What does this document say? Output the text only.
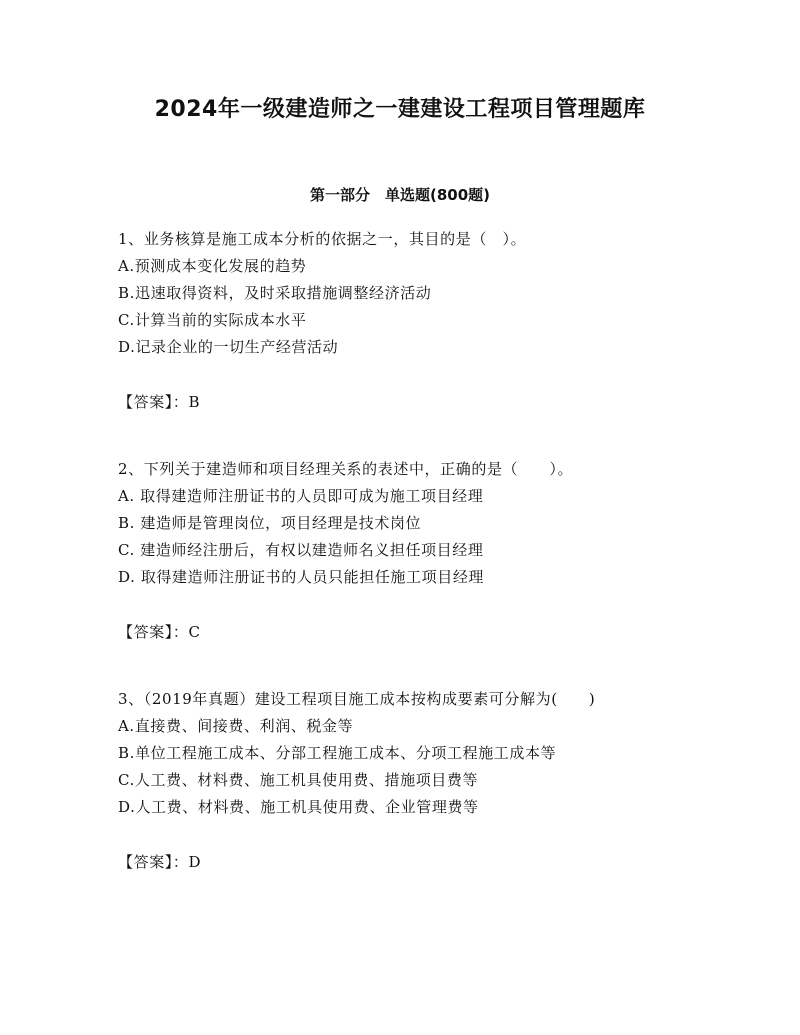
2024年一级建造师之一建建设工程项目管理题库
第一部分　单选题(800题)
1、业务核算是施工成本分析的依据之一，其目的是（　）。
A.预测成本变化发展的趋势
B.迅速取得资料，及时采取措施调整经济活动
C.计算当前的实际成本水平
D.记录企业的一切生产经营活动
【答案】：B
2、下列关于建造师和项目经理关系的表述中，正确的是（　　）。
A. 取得建造师注册证书的人员即可成为施工项目经理
B. 建造师是管理岗位，项目经理是技术岗位
C. 建造师经注册后，有权以建造师名义担任项目经理
D. 取得建造师注册证书的人员只能担任施工项目经理
【答案】：C
3、（2019年真题）建设工程项目施工成本按构成要素可分解为(　　)
A.直接费、间接费、利润、税金等
B.单位工程施工成本、分部工程施工成本、分项工程施工成本等
C.人工费、材料费、施工机具使用费、措施项目费等
D.人工费、材料费、施工机具使用费、企业管理费等
【答案】：D
